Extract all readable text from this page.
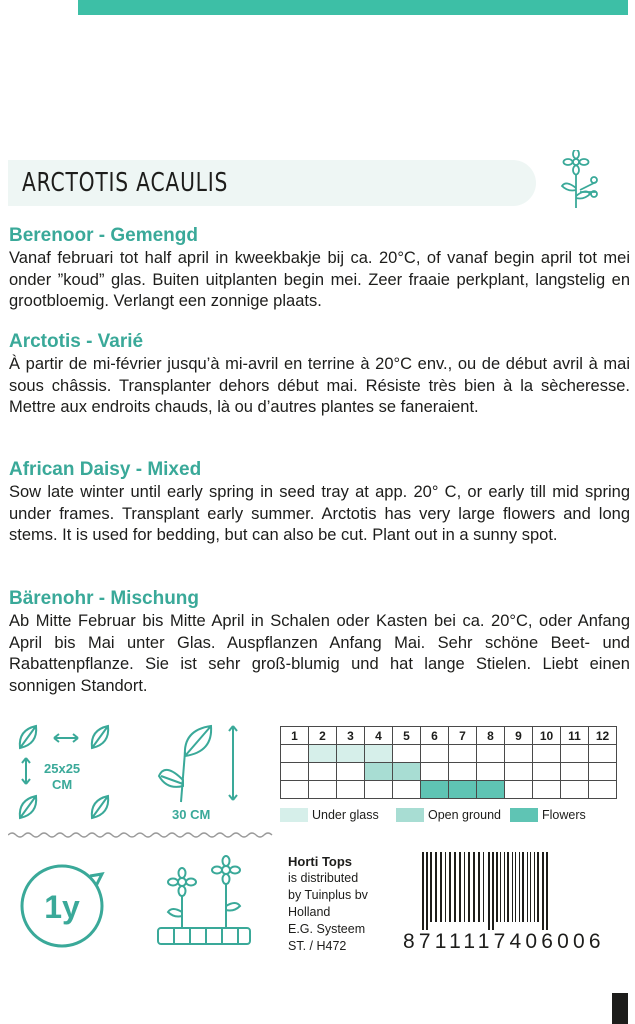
ARCTOTIS ACAULIS

Berenoor - Gemengd

Vanaf februari tot half april in kweekbakje bij ca. 20°C, of vanaf begin april tot mei onder ”koud” glas. Buiten uitplanten begin mei. Zeer fraaie perkplant, langstelig en grootbloemig. Verlangt een zonnige plaats.

Arctotis - Varié

À partir de mi-février jusqu’à mi-avril en terrine à 20°C env., ou de début avril à mai sous châssis. Transplanter dehors début mai. Résiste très bien à la sècheresse. Mettre aux endroits chauds, là ou d’autres plantes se faneraient.

African Daisy - Mixed

Sow late winter until early spring in seed tray at app. 20° C, or early till mid spring under frames. Transplant early summer. Arctotis has very large flowers and long stems. It is used for bedding, but can also be cut. Plant out in a sunny spot.

Bärenohr - Mischung

Ab Mitte Februar bis Mitte April in Schalen oder Kasten bei ca. 20°C, oder Anfang April bis Mai unter Glas. Auspflanzen Anfang Mai. Sehr schöne Beet- und Rabattenpflanze. Sie ist sehr groß-blumig und hat lange Stielen. Liebt einen sonnigen Standort.

25x25
CM
30 CM
1	2	3	4	5	6	7	8	9	10	11	12

Under glass	Open ground	Flowers
1y
Horti Tops
is distributed
by Tuinplus bv
Holland
E.G. Systeem
ST. / H472	8711117406006
